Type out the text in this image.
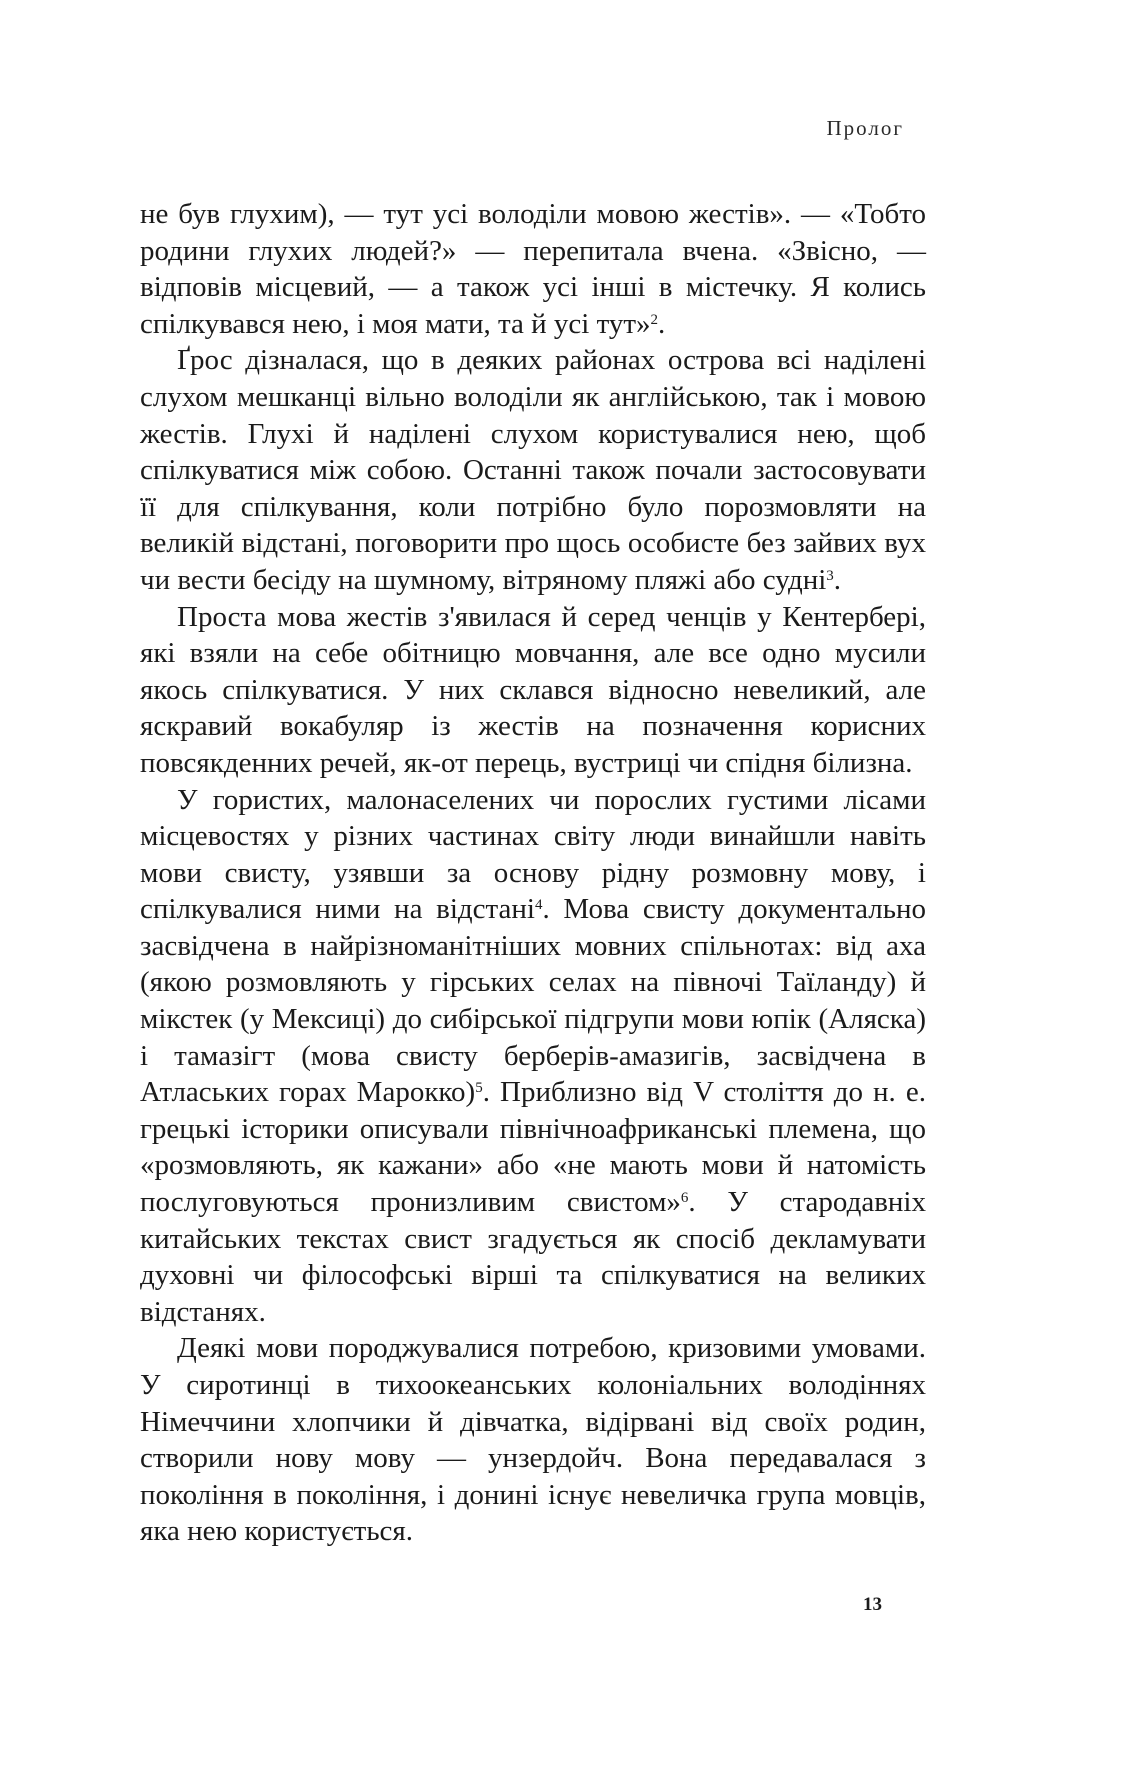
Пролог

не був глухим), — тут усі володіли мовою жестів». — «Тобто родини глухих людей?» — перепитала вчена. «Звісно, — відповів місцевий, — а також усі інші в містечку. Я колись спілкувався нею, і моя мати, та й усі тут»$^2$.

Ґрос дізналася, що в деяких районах острова всі наділені слухом мешканці вільно володіли як англійською, так і мовою жестів. Глухі й наділені слухом користувалися нею, щоб спілкуватися між собою. Останні також почали застосовувати її для спілкування, коли потрібно було порозмовляти на великій відстані, поговорити про щось особисте без зайвих вух чи вести бесіду на шумному, вітряному пляжі або судні$^3$.

Проста мова жестів з'явилася й серед ченців у Кентербері, які взяли на себе обітницю мовчання, але все одно мусили якось спілкуватися. У них склався відносно невеликий, але яскравий вокабуляр із жестів на позначення корисних повсякденних речей, як-от перець, вустриці чи спідня білизна.

У гористих, малонаселених чи порослих густими лісами місцевостях у різних частинах світу люди винайшли навіть мови свисту, узявши за основу рідну розмовну мову, і спілкувалися ними на відстані$^4$. Мова свисту документально засвідчена в найрізноманітніших мовних спільнотах: від аха (якою розмовляють у гірських селах на півночі Таїланду) й мікстек (у Мексиці) до сибірської підгрупи мови юпік (Аляска) і тамазігт (мова свисту берберів-амазигів, засвідчена в Атлаських горах Марокко)$^5$. Приблизно від V століття до н. е. грецькі історики описували північноафриканські племена, що «розмовляють, як кажани» або «не мають мови й натомість послуговуються пронизливим свистом»$^6$. У стародавніх китайських текстах свист згадується як спосіб декламувати духовні чи філософські вірші та спілкуватися на великих відстанях.

Деякі мови породжувалися потребою, кризовими умовами. У сиротинці в тихоокеанських колоніальних володіннях Німеччини хлопчики й дівчатка, відірвані від своїх родин, створили нову мову — унзердойч. Вона передавалася з покоління в покоління, і донині існує невеличка група мовців, яка нею користується.

13
